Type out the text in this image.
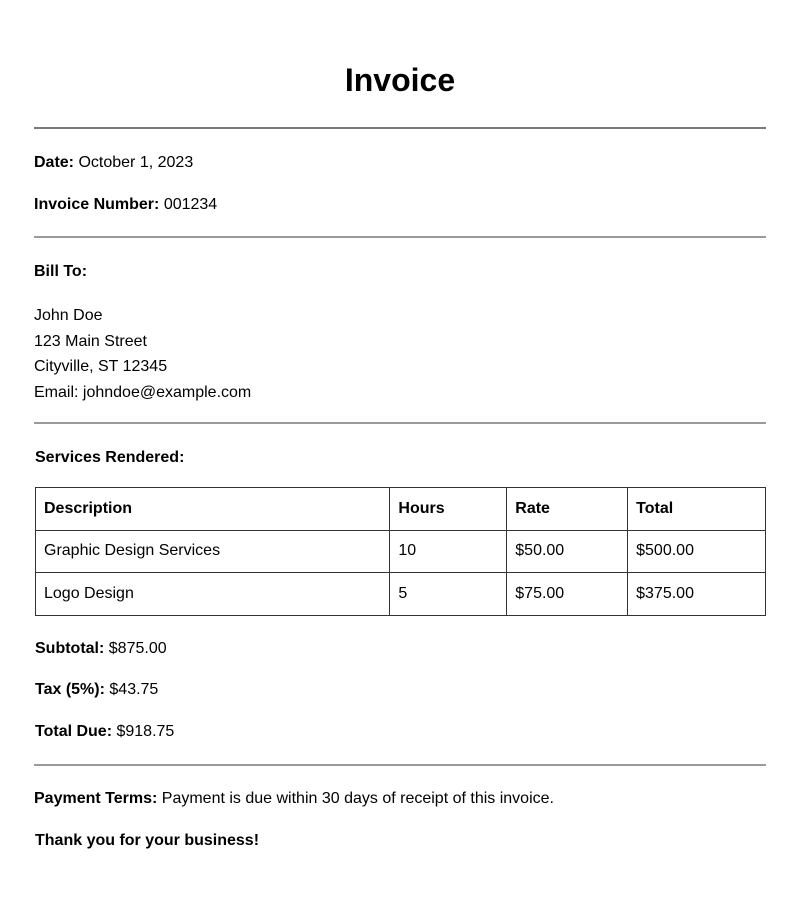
Invoice
Date: October 1, 2023
Invoice Number: 001234
Bill To:
John Doe
123 Main Street
Cityville, ST 12345
Email: johndoe@example.com
Services Rendered:
Description	Hours	Rate	Total
Graphic Design Services	10	$50.00	$500.00
Logo Design	5	$75.00	$375.00
Subtotal: $875.00
Tax (5%): $43.75
Total Due: $918.75
Payment Terms: Payment is due within 30 days of receipt of this invoice.
Thank you for your business!
